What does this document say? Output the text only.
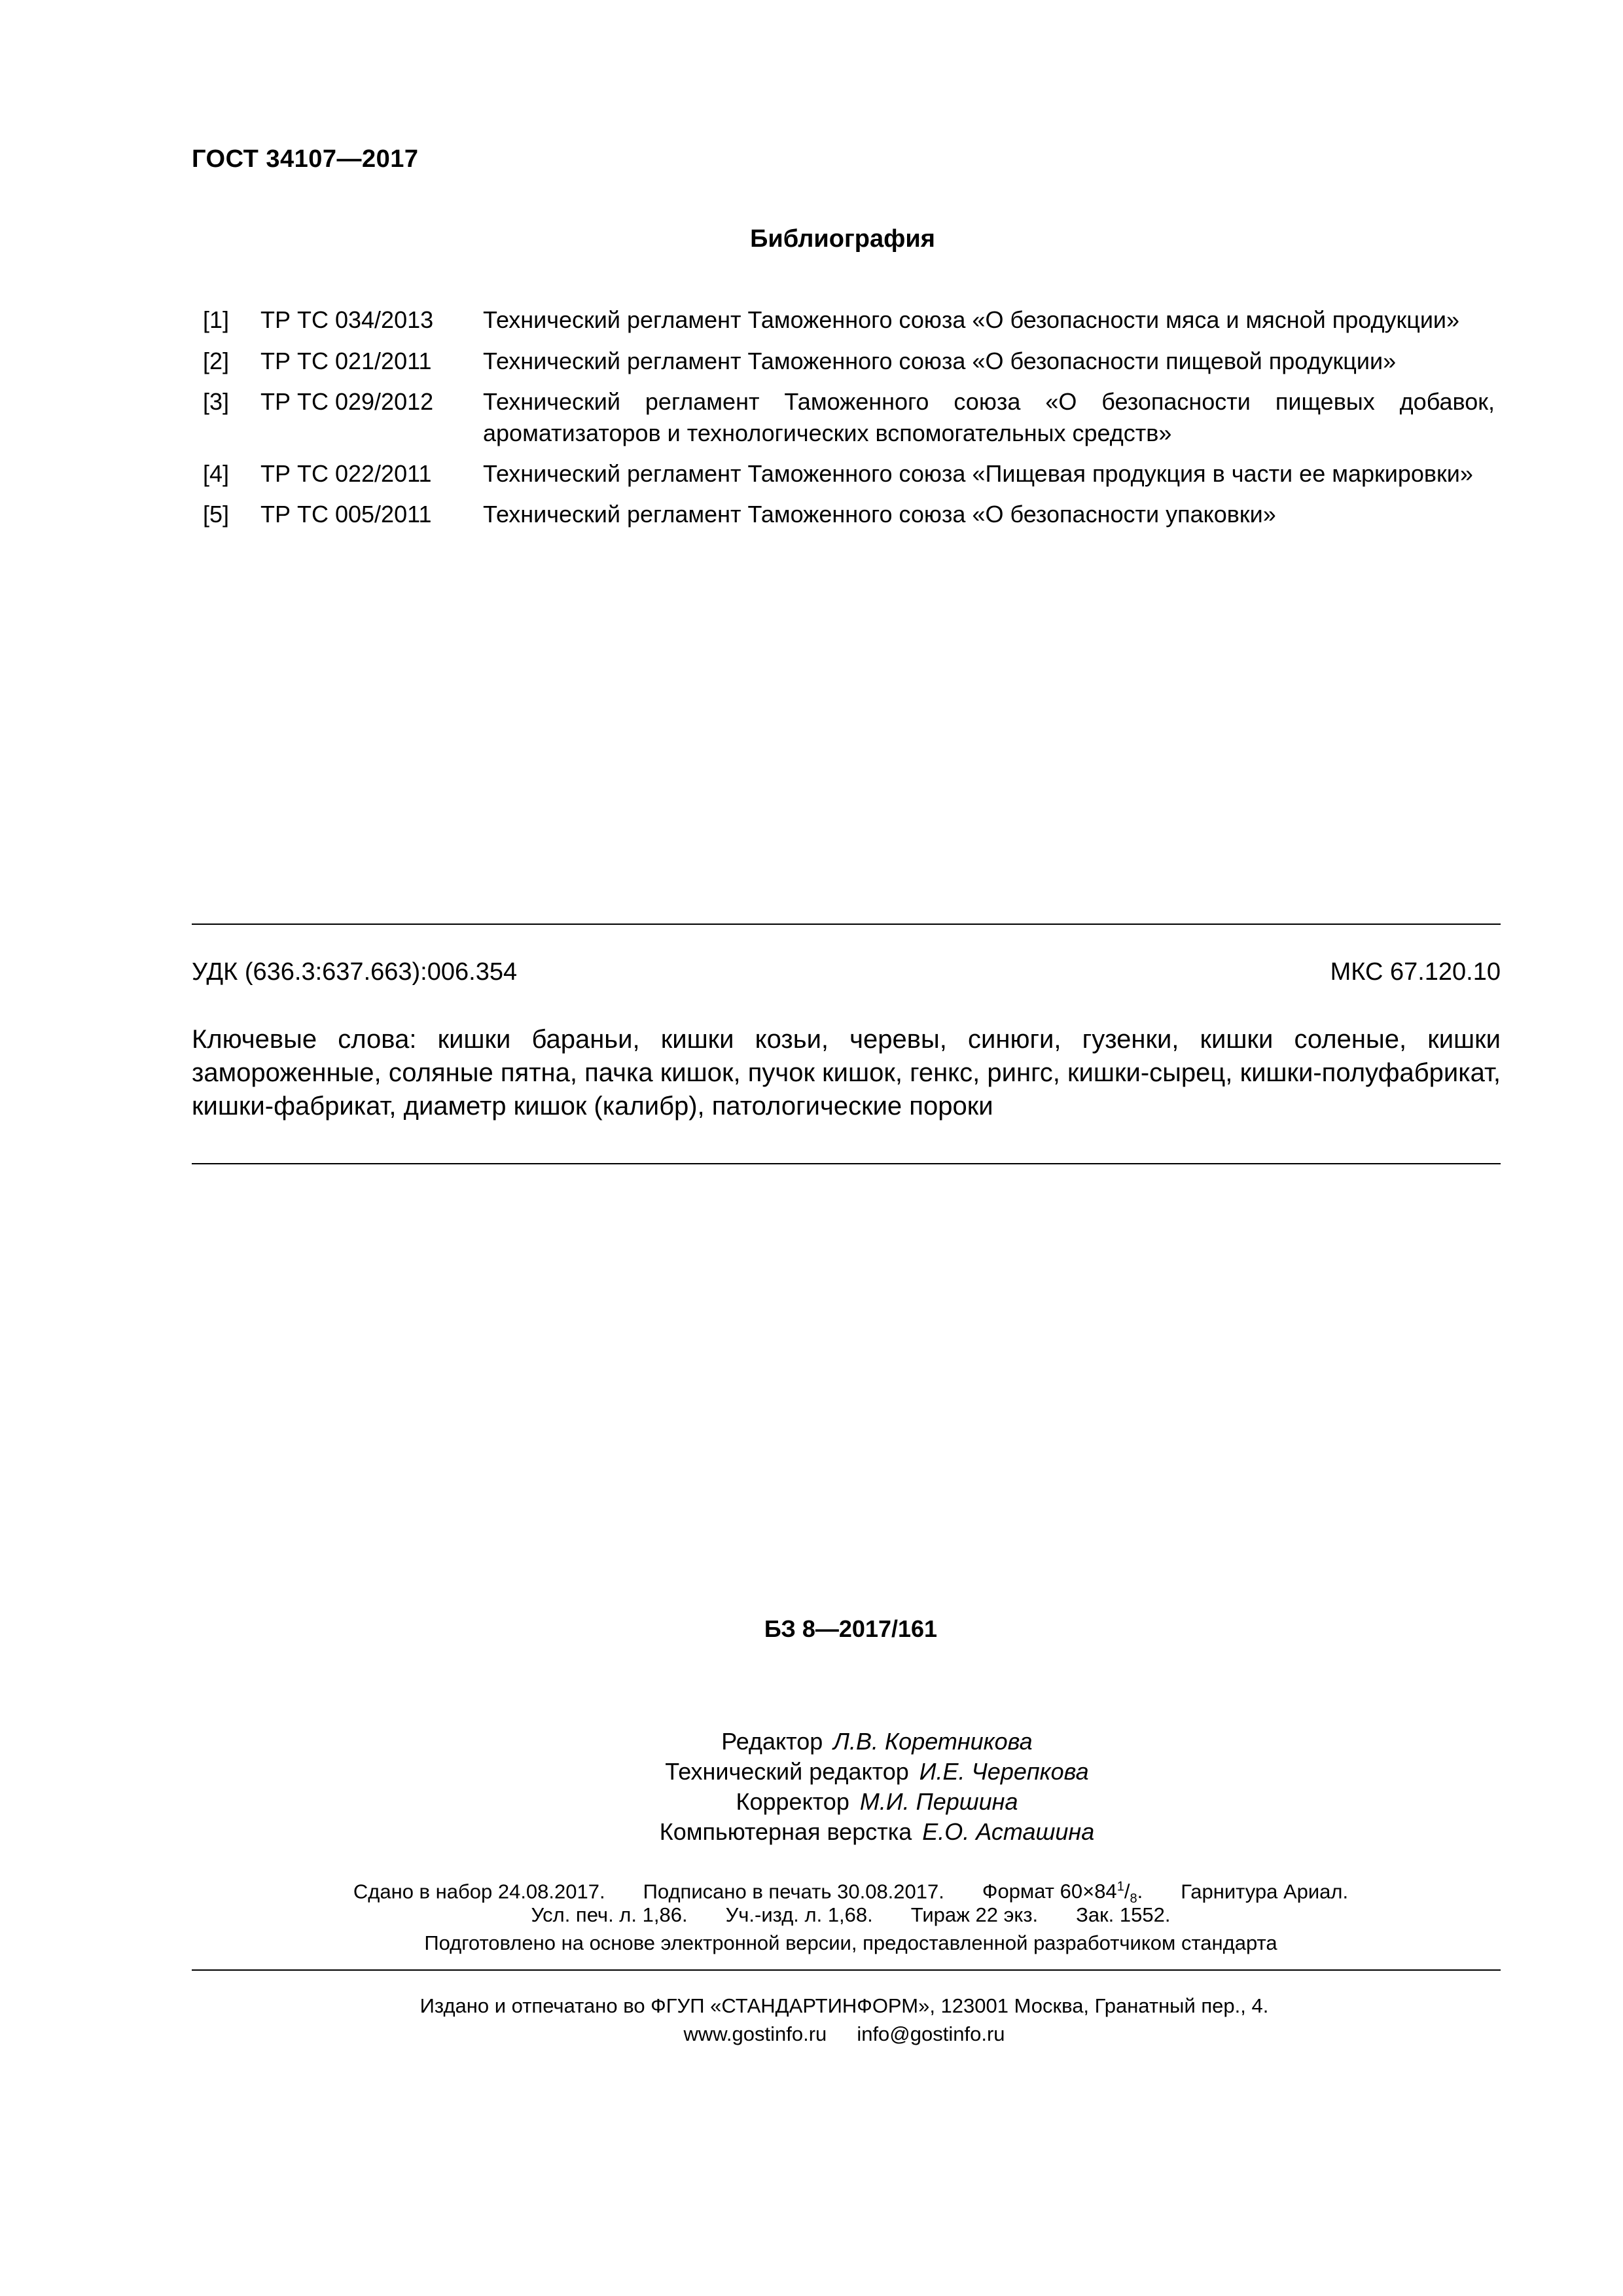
ГОСТ 34107—2017
Библиография
[1] ТР ТС 034/2013 Технический регламент Таможенного союза «О безопасности мяса и мясной продукции»
[2] ТР ТС 021/2011 Технический регламент Таможенного союза «О безопасности пищевой продукции»
[3] ТР ТС 029/2012 Технический регламент Таможенного союза «О безопасности пищевых добавок, ароматизаторов и технологических вспомогательных средств»
[4] ТР ТС 022/2011 Технический регламент Таможенного союза «Пищевая продукция в части ее маркировки»
[5] ТР ТС 005/2011 Технический регламент Таможенного союза «О безопасности упаковки»
УДК (636.3:637.663):006.354	МКС 67.120.10
Ключевые слова: кишки бараньи, кишки козьи, черевы, синюги, гузенки, кишки соленые, кишки замороженные, соляные пятна, пачка кишок, пучок кишок, генкс, рингс, кишки-сырец, кишки-полуфабрикат, кишки-фабрикат, диаметр кишок (калибр), патологические пороки
БЗ 8—2017/161
Редактор Л.В. Коретникова
Технический редактор И.Е. Черепкова
Корректор М.И. Першина
Компьютерная верстка Е.О. Асташина
Сдано в набор 24.08.2017. Подписано в печать 30.08.2017. Формат $60\times 84^1/_8$. Гарнитура Ариал.
Усл. печ. л. 1,86. Уч.-изд. л. 1,68. Тираж 22 экз. Зак. 1552.
Подготовлено на основе электронной версии, предоставленной разработчиком стандарта
Издано и отпечатано во ФГУП «СТАНДАРТИНФОРМ», 123001 Москва, Гранатный пер., 4.
www.gostinfo.ru info@gostinfo.ru
